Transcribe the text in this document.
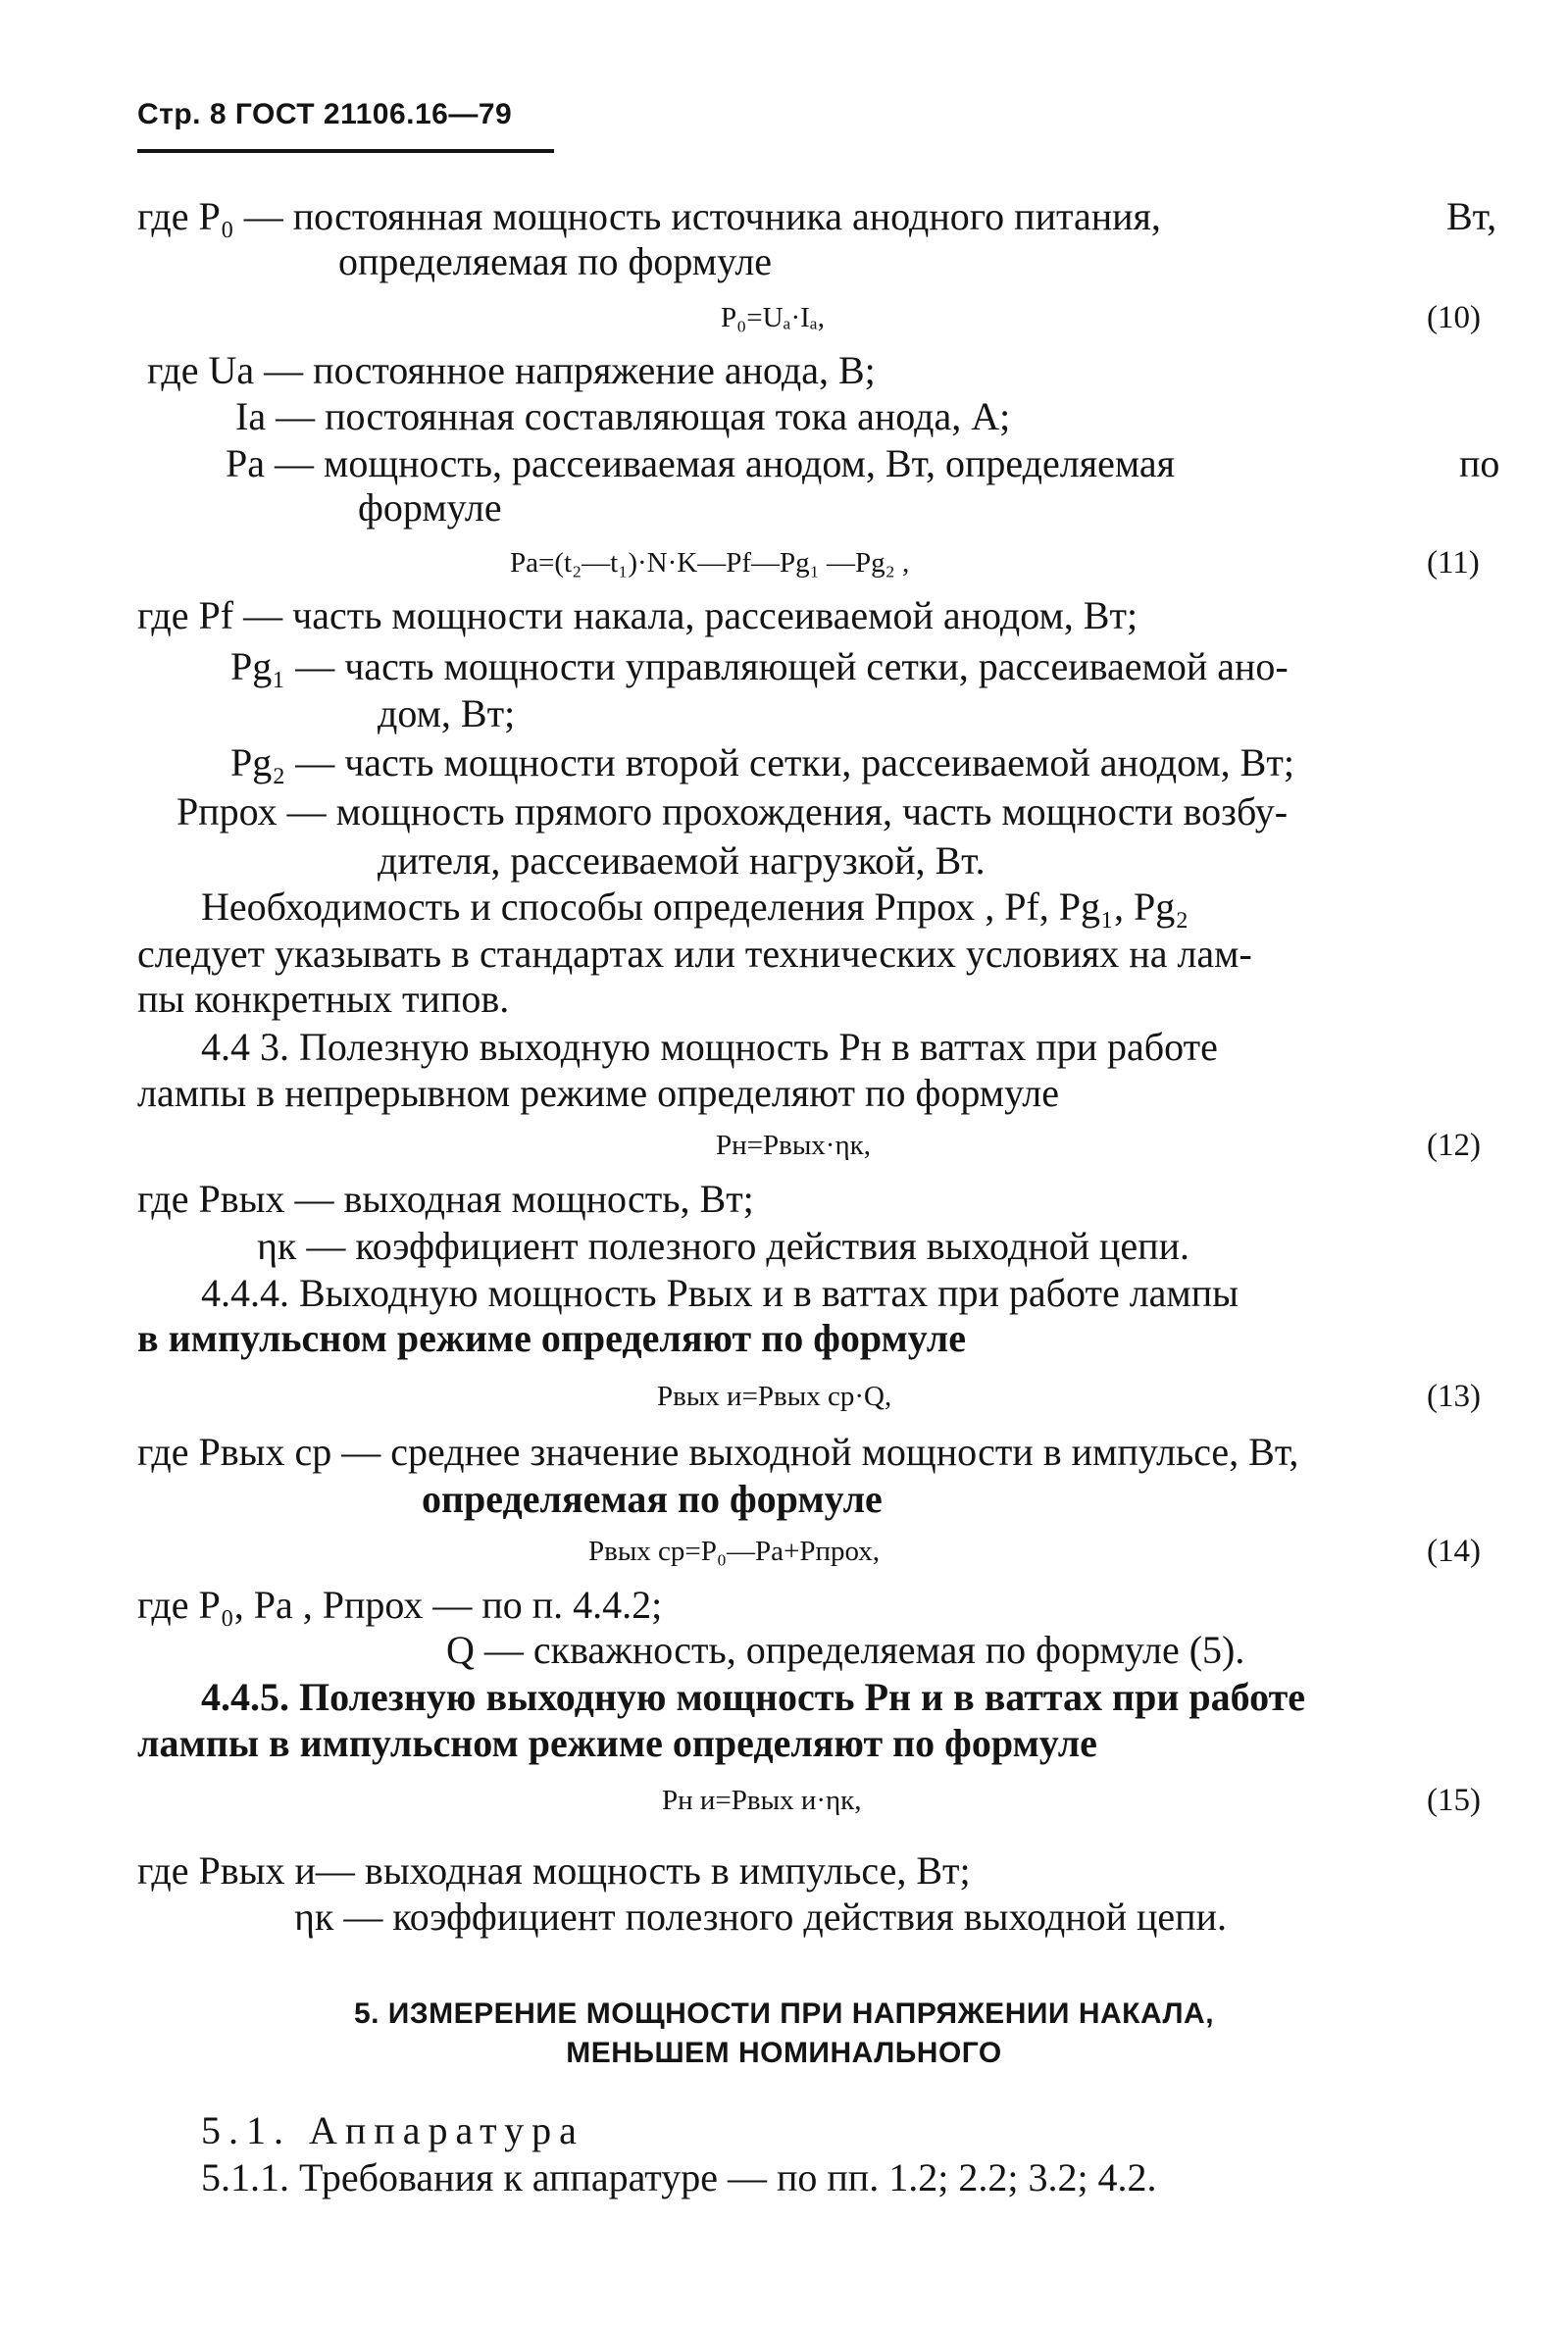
Стр. 8 ГОСТ 21106.16—79
где P₀ — постоянная мощность источника анодного питания,	Вт,
определяемая по формуле
P₀=Uₐ·Iₐ,	(10)
где Uа — постоянное напряжение анода, В;
Iа — постоянная составляющая тока анода, А;
Pа — мощность, рассеиваемая анодом, Вт, определяемая	по
формуле
Pа=(t₂—t₁)·N·K—Pf—Pg₁ —Pg₂ ,	(11)
где Pf — часть мощности накала, рассеиваемой анодом, Вт;
Pg₁ — часть мощности управляющей сетки, рассеиваемой ано-
дом, Вт;
Pg₂ — часть мощности второй сетки, рассеиваемой анодом, Вт;
Pпрох — мощность прямого прохождения, часть мощности возбу-
дителя, рассеиваемой нагрузкой, Вт.
Необходимость и способы определения Pпрох , Pf, Pg₁, Pg₂
следует указывать в стандартах или технических условиях на лам-
пы конкретных типов.
4.4 3. Полезную выходную мощность Pн в ваттах при работе
лампы в непрерывном режиме определяют по формуле
Pн=Pвых·ηк,	(12)
где Pвых — выходная мощность, Вт;
ηк — коэффициент полезного действия выходной цепи.
4.4.4. Выходную мощность Pвых и в ваттах при работе лампы
в импульсном режиме определяют по формуле
Pвых и=Pвых ср·Q,	(13)
где Pвых ср — среднее значение выходной мощности в импульсе, Вт,
определяемая по формуле
Pвых ср=P₀—Pа+Pпрох,	(14)
где P₀, Pа , Pпрох — по п. 4.4.2;
Q — скважность, определяемая по формуле (5).
4.4.5. Полезную выходную мощность Pн и в ваттах при работе
лампы в импульсном режиме определяют по формуле
Pн и=Pвых и·ηк,	(15)
где Pвых и— выходная мощность в импульсе, Вт;
ηк — коэффициент полезного действия выходной цепи.
5. ИЗМЕРЕНИЕ МОЩНОСТИ ПРИ НАПРЯЖЕНИИ НАКАЛА,
МЕНЬШЕМ НОМИНАЛЬНОГО
5.1. Аппаратура
5.1.1. Требования к аппаратуре — по пп. 1.2; 2.2; 3.2; 4.2.
